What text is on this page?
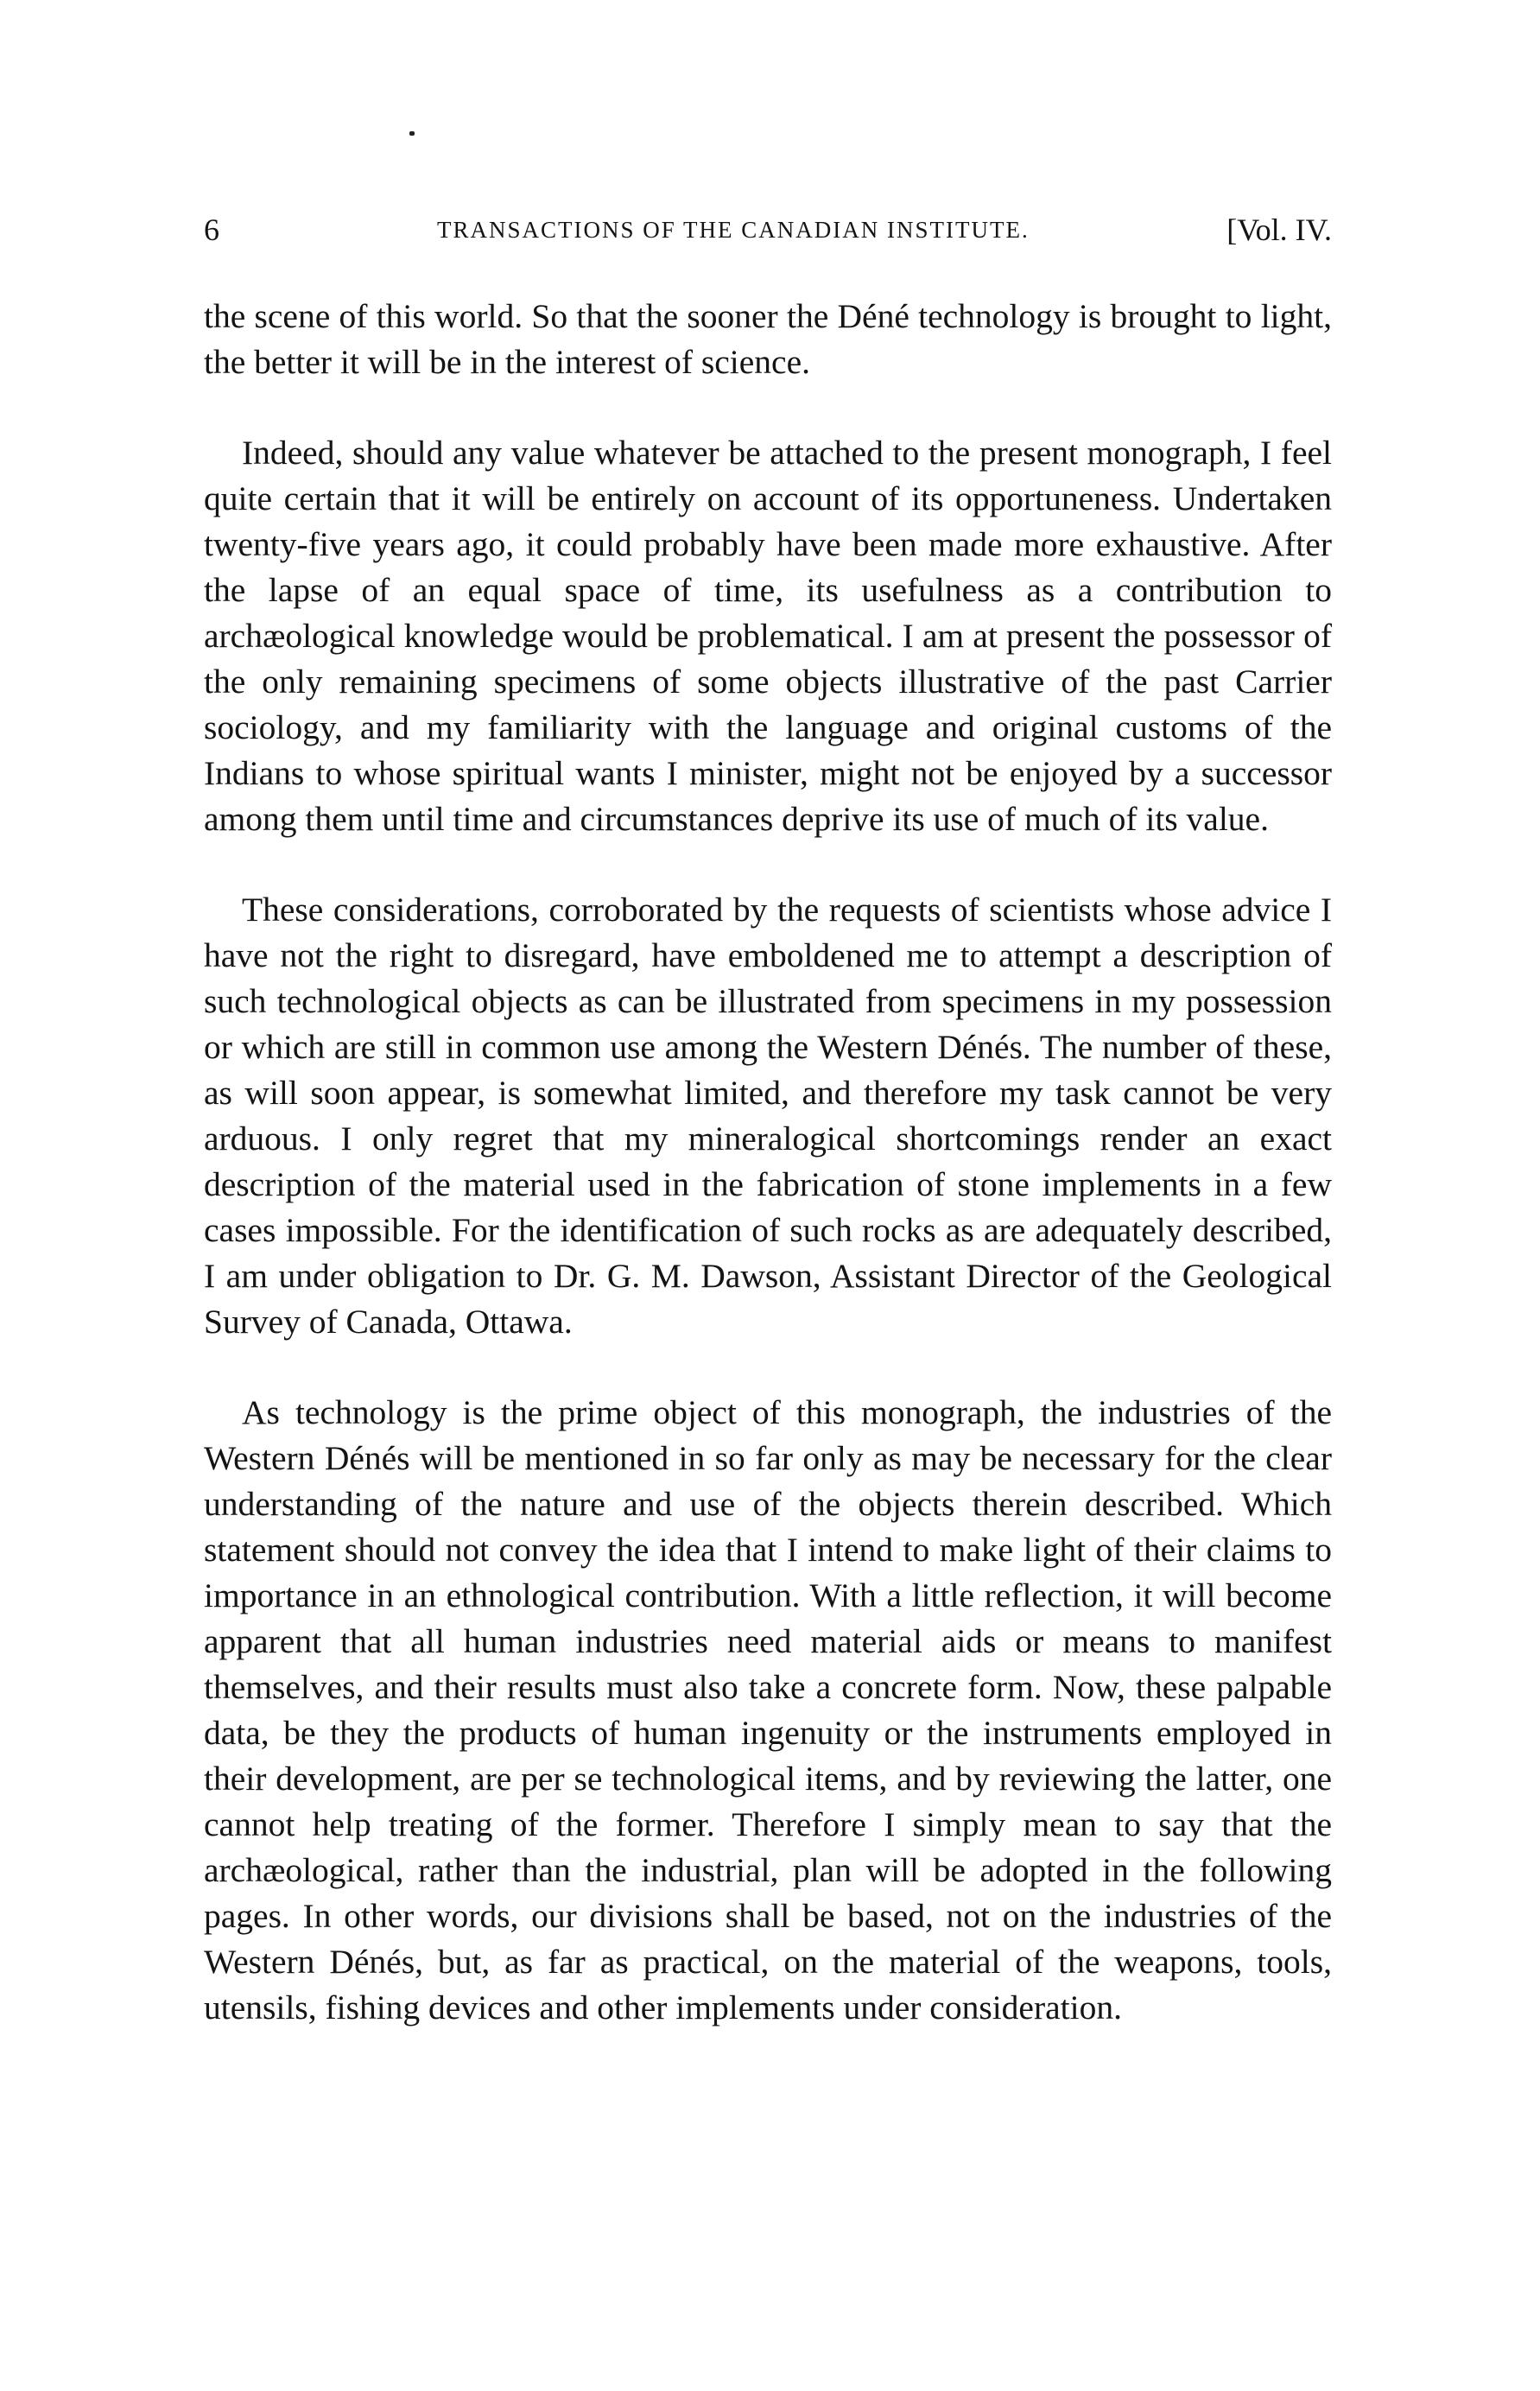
6	TRANSACTIONS OF THE CANADIAN INSTITUTE.	[Vol. IV.

the scene of this world. So that the sooner the Déné technology is brought to light, the better it will be in the interest of science.

Indeed, should any value whatever be attached to the present monograph, I feel quite certain that it will be entirely on account of its opportuneness. Undertaken twenty-five years ago, it could probably have been made more exhaustive. After the lapse of an equal space of time, its usefulness as a contribution to archæological knowledge would be problematical. I am at present the possessor of the only remaining specimens of some objects illustrative of the past Carrier sociology, and my familiarity with the language and original customs of the Indians to whose spiritual wants I minister, might not be enjoyed by a successor among them until time and circumstances deprive its use of much of its value.

These considerations, corroborated by the requests of scientists whose advice I have not the right to disregard, have emboldened me to attempt a description of such technological objects as can be illustrated from specimens in my possession or which are still in common use among the Western Dénés. The number of these, as will soon appear, is somewhat limited, and therefore my task cannot be very arduous. I only regret that my mineralogical shortcomings render an exact description of the material used in the fabrication of stone implements in a few cases impossible. For the identification of such rocks as are adequately described, I am under obligation to Dr. G. M. Dawson, Assistant Director of the Geological Survey of Canada, Ottawa.

As technology is the prime object of this monograph, the industries of the Western Dénés will be mentioned in so far only as may be necessary for the clear understanding of the nature and use of the objects therein described. Which statement should not convey the idea that I intend to make light of their claims to importance in an ethnological contribution. With a little reflection, it will become apparent that all human industries need material aids or means to manifest themselves, and their results must also take a concrete form. Now, these palpable data, be they the products of human ingenuity or the instruments employed in their development, are per se technological items, and by reviewing the latter, one cannot help treating of the former. Therefore I simply mean to say that the archæological, rather than the industrial, plan will be adopted in the following pages. In other words, our divisions shall be based, not on the industries of the Western Dénés, but, as far as practical, on the material of the weapons, tools, utensils, fishing devices and other implements under consideration.
